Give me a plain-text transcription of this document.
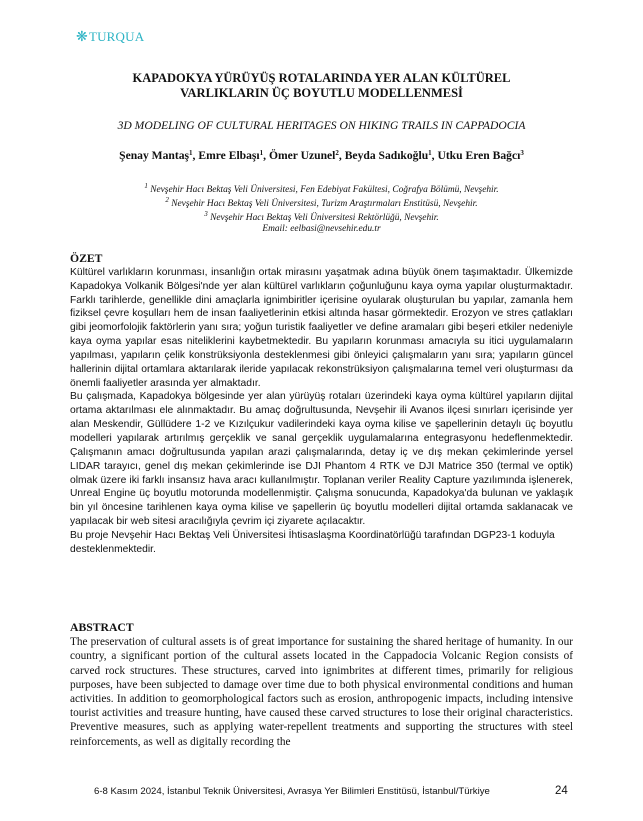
❋TURQUA
KAPADOKYA YÜRÜYÜŞ ROTALARINDA YER ALAN KÜLTÜREL
VARLIKLARIN ÜÇ BOYUTLU MODELLENMESİ
3D MODELING OF CULTURAL HERITAGES ON HIKING TRAILS IN CAPPADOCIA
Şenay Mantaş$^1$, Emre Elbaşı$^1$, Ömer Uzunel$^2$, Beyda Sadıkoğlu$^1$, Utku Eren Bağcı$^3$
$^1$ Nevşehir Hacı Bektaş Veli Üniversitesi, Fen Edebiyat Fakültesi, Coğrafya Bölümü, Nevşehir.
$^2$ Nevşehir Hacı Bektaş Veli Üniversitesi, Turizm Araştırmaları Enstitüsü, Nevşehir.
$^3$ Nevşehir Hacı Bektaş Veli Üniversitesi Rektörlüğü, Nevşehir.
Email: eelbasi@nevsehir.edu.tr
ÖZET

Kültürel varlıkların korunması, insanlığın ortak mirasını yaşatmak adına büyük önem taşımaktadır. Ülkemizde Kapadokya Volkanik Bölgesi'nde yer alan kültürel varlıkların çoğunluğunu kaya oyma yapılar oluşturmaktadır. Farklı tarihlerde, genellikle dini amaçlarla ignimbiritler içerisine oyularak oluşturulan bu yapılar, zamanla hem fiziksel çevre koşulları hem de insan faaliyetlerinin etkisi altında hasar görmektedir. Erozyon ve stres çatlakları gibi jeomorfolojik faktörlerin yanı sıra; yoğun turistik faaliyetler ve define aramaları gibi beşeri etkiler nedeniyle kaya oyma yapılar esas niteliklerini kaybetmektedir. Bu yapıların korunması amacıyla su itici uygulamaların yapılması, yapıların çelik konstrüksiyonla desteklenmesi gibi önleyici çalışmaların yanı sıra; yapıların güncel hallerinin dijital ortamlara aktarılarak ileride yapılacak rekonstrüksiyon çalışmalarına temel veri oluşturması da önemli faaliyetler arasında yer almaktadır.

Bu çalışmada, Kapadokya bölgesinde yer alan yürüyüş rotaları üzerindeki kaya oyma kültürel yapıların dijital ortama aktarılması ele alınmaktadır. Bu amaç doğrultusunda, Nevşehir ili Avanos ilçesi sınırları içerisinde yer alan Meskendir, Güllüdere 1-2 ve Kızılçukur vadilerindeki kaya oyma kilise ve şapellerinin detaylı üç boyutlu modelleri yapılarak artırılmış gerçeklik ve sanal gerçeklik uygulamalarına entegrasyonu hedeflenmektedir. Çalışmanın amacı doğrultusunda yapılan arazi çalışmalarında, detay iç ve dış mekan çekimlerinde yersel LIDAR tarayıcı, genel dış mekan çekimlerinde ise DJI Phantom 4 RTK ve DJI Matrice 350 (termal ve optik) olmak üzere iki farklı insansız hava aracı kullanılmıştır. Toplanan veriler Reality Capture yazılımında işlenerek, Unreal Engine üç boyutlu motorunda modellenmiştir. Çalışma sonucunda, Kapadokya'da bulunan ve yaklaşık bin yıl öncesine tarihlenen kaya oyma kilise ve şapellerin üç boyutlu modelleri dijital ortamda saklanacak ve yapılacak bir web sitesi aracılığıyla çevrim içi ziyarete açılacaktır.

Bu proje Nevşehir Hacı Bektaş Veli Üniversitesi İhtisaslaşma Koordinatörlüğü tarafından DGP23-1 koduyla desteklenmektedir.

ABSTRACT

The preservation of cultural assets is of great importance for sustaining the shared heritage of humanity. In our country, a significant portion of the cultural assets located in the Cappadocia Volcanic Region consists of carved rock structures. These structures, carved into ignimbrites at different times, primarily for religious purposes, have been subjected to damage over time due to both physical environmental conditions and human activities. In addition to geomorphological factors such as erosion, anthropogenic impacts, including intensive tourist activities and treasure hunting, have caused these carved structures to lose their original characteristics. Preventive measures, such as applying water-repellent treatments and supporting the structures with steel reinforcements, as well as digitally recording the

6-8 Kasım 2024, İstanbul Teknik Üniversitesi, Avrasya Yer Bilimleri Enstitüsü, İstanbul/Türkiye	24
